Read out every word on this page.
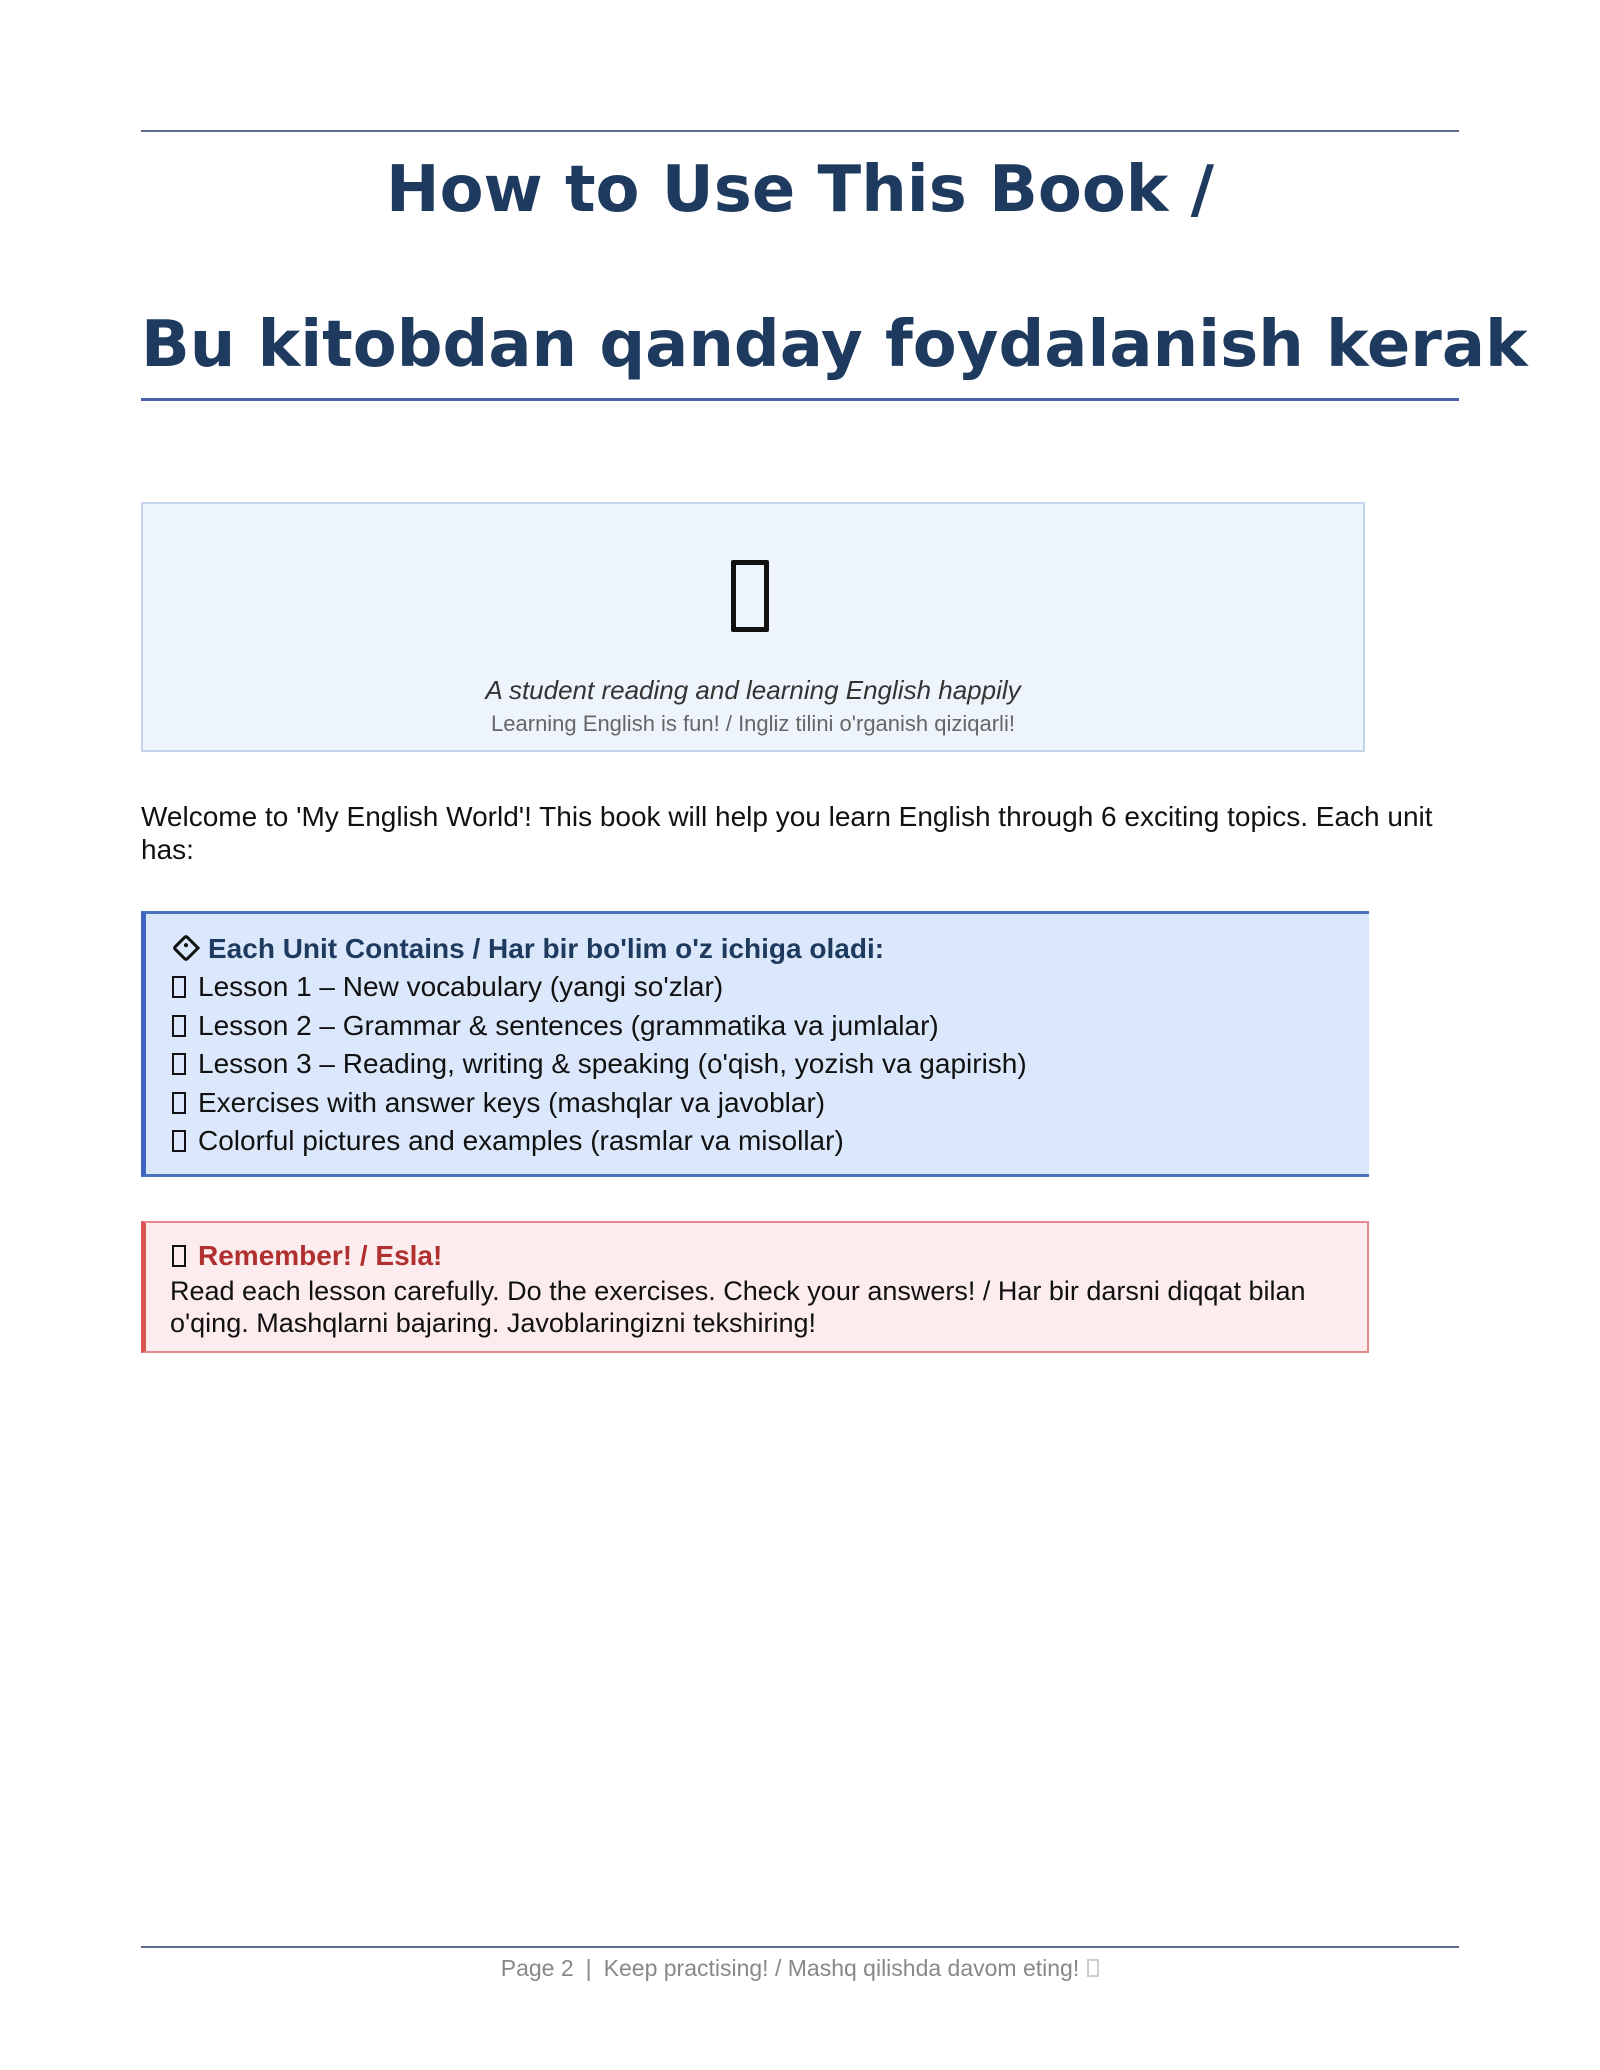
How to Use This Book /
Bu kitobdan qanday foydalanish kerak
A student reading and learning English happily
Learning English is fun! / Ingliz tilini o'rganish qiziqarli!
Welcome to 'My English World'! This book will help you learn English through 6 exciting topics. Each unit has:
Each Unit Contains / Har bir bo'lim o'z ichiga oladi:
Lesson 1 – New vocabulary (yangi so'zlar)
Lesson 2 – Grammar & sentences (grammatika va jumlalar)
Lesson 3 – Reading, writing & speaking (o'qish, yozish va gapirish)
Exercises with answer keys (mashqlar va javoblar)
Colorful pictures and examples (rasmlar va misollar)
Remember! / Esla!
Read each lesson carefully. Do the exercises. Check your answers! / Har bir darsni diqqat bilan o'qing. Mashqlarni bajaring. Javoblaringizni tekshiring!
Page 2 | Keep practising! / Mashq qilishda davom eting!
